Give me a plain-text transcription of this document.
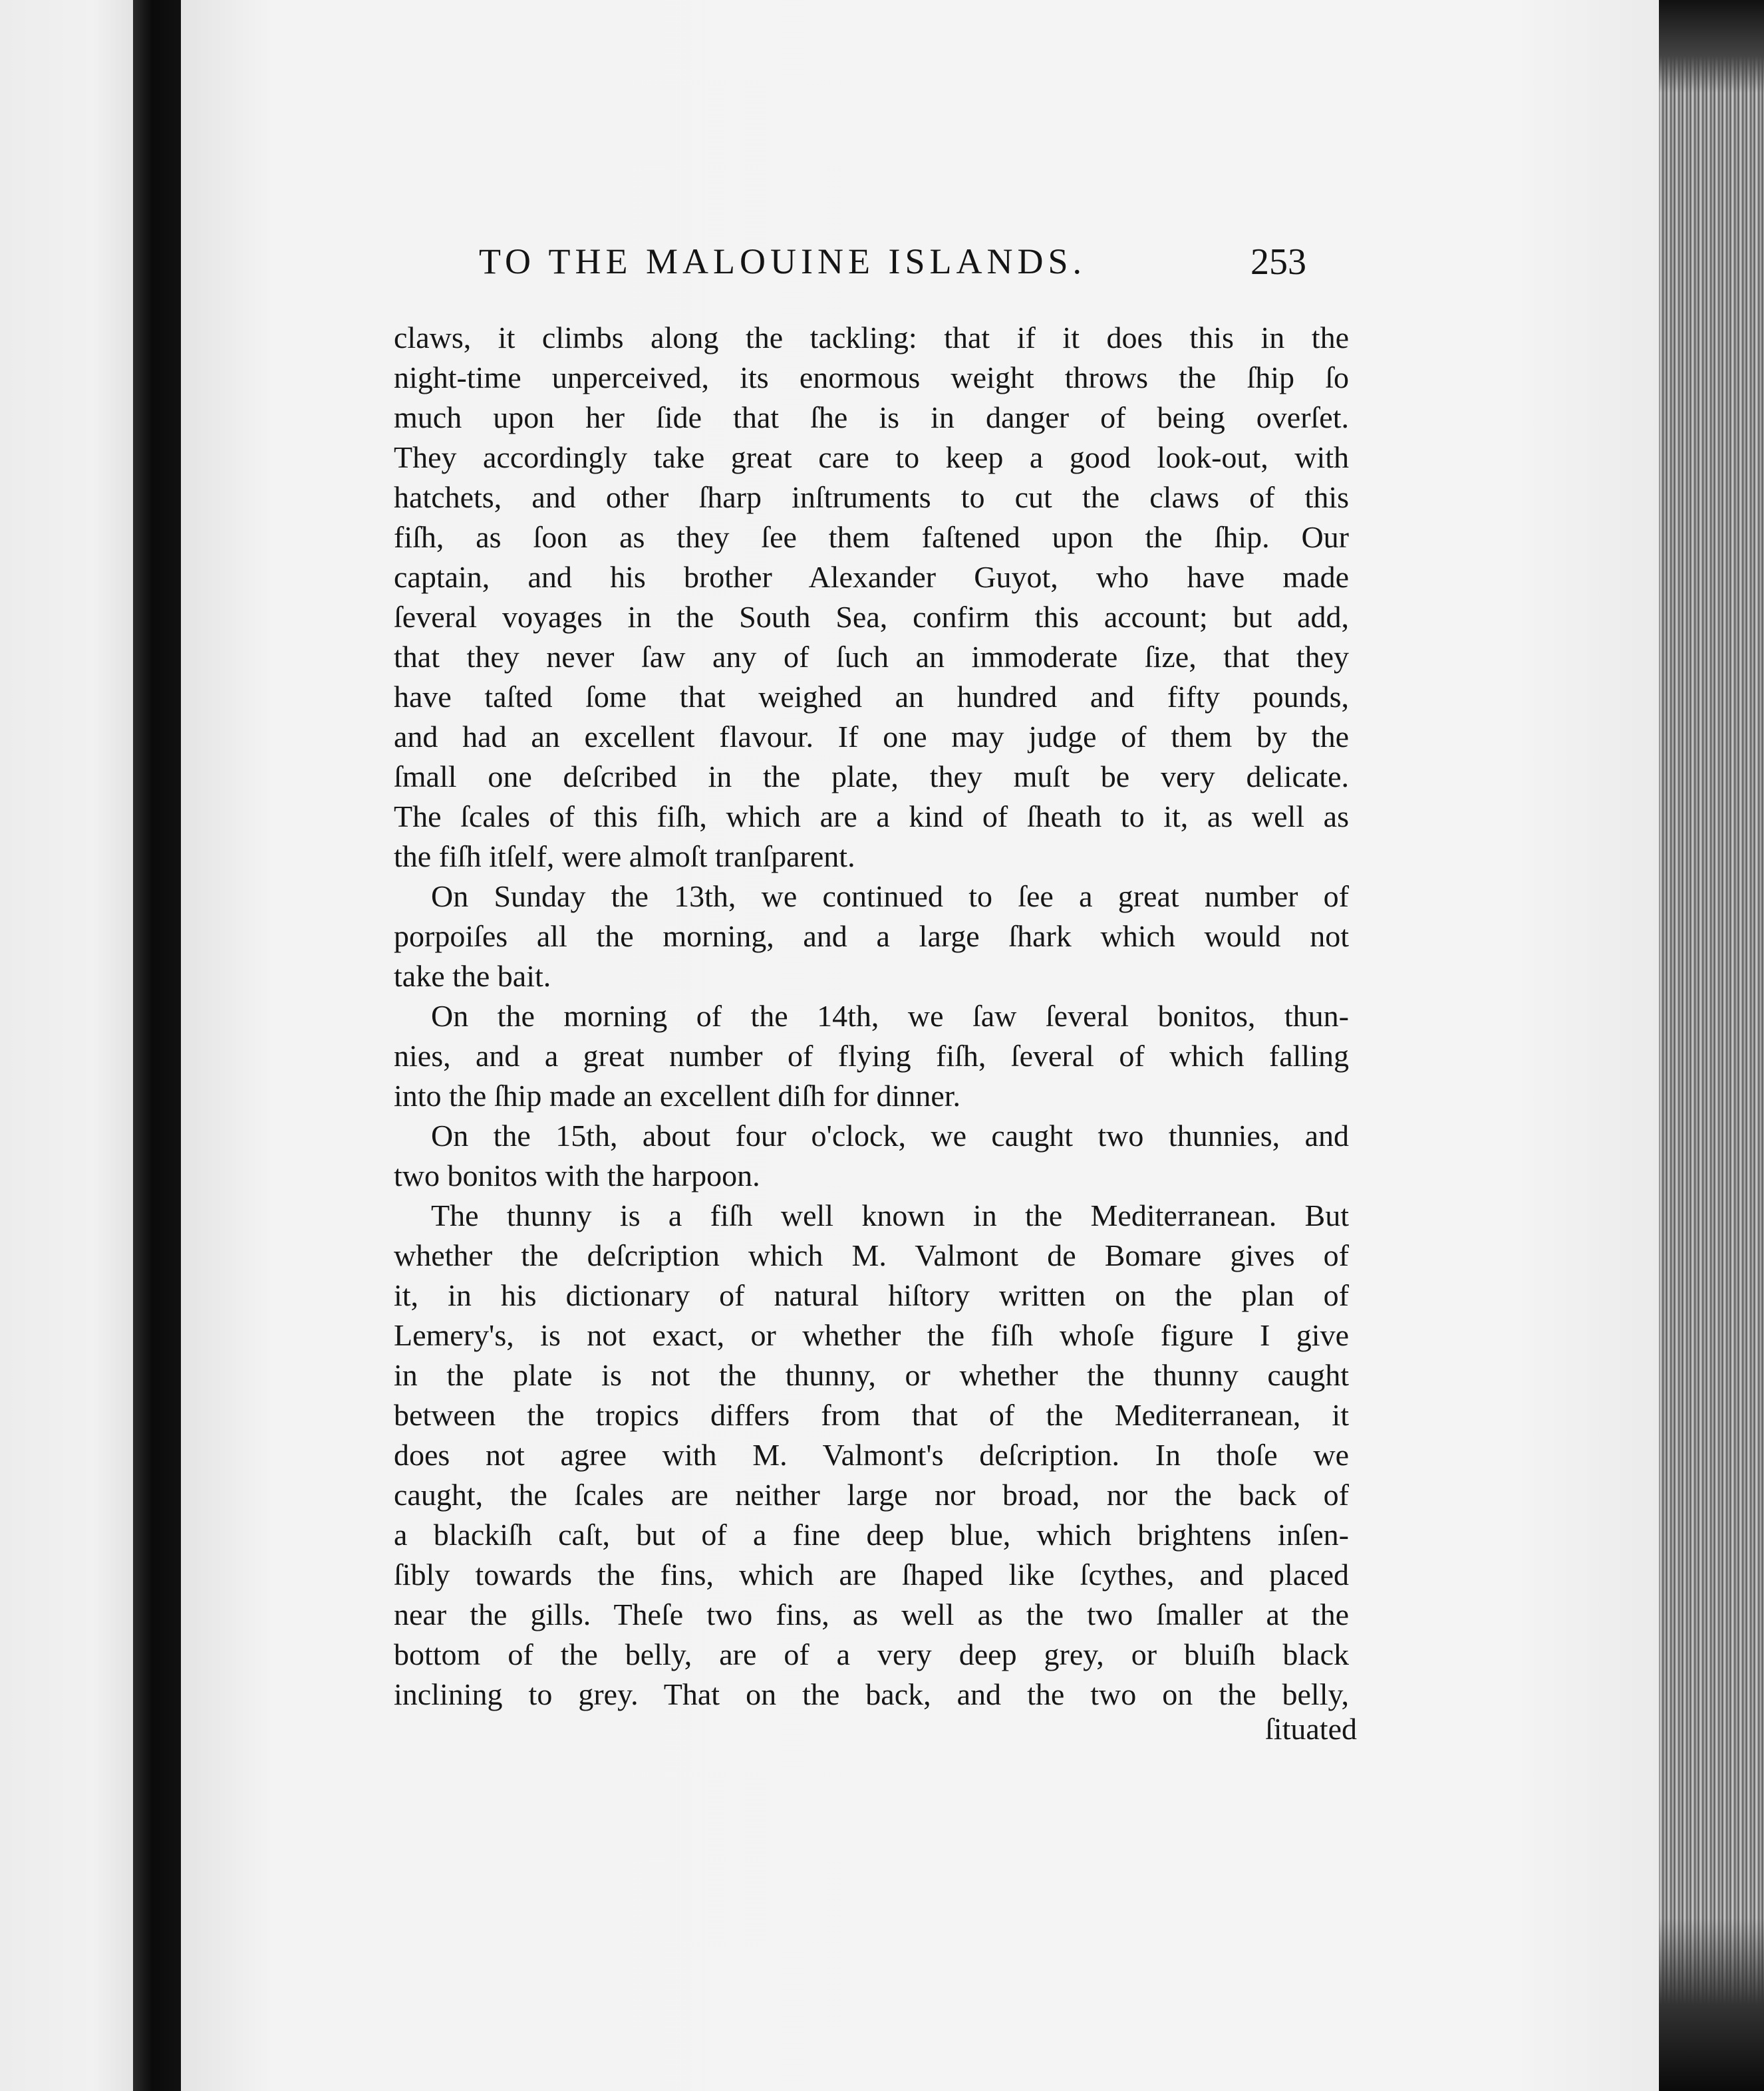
TO THE MALOUINE ISLANDS.	253
claws, it climbs along the tackling: that if it does this in the
night-time unperceived, its enormous weight throws the ſhip ſo
much upon her ſide that ſhe is in danger of being overſet.
They accordingly take great care to keep a good look-out, with
hatchets, and other ſharp inſtruments to cut the claws of this
fiſh, as ſoon as they ſee them faſtened upon the ſhip. Our
captain, and his brother Alexander Guyot, who have made
ſeveral voyages in the South Sea, confirm this account; but add,
that they never ſaw any of ſuch an immoderate ſize, that they
have taſted ſome that weighed an hundred and fifty pounds,
and had an excellent flavour. If one may judge of them by the
ſmall one deſcribed in the plate, they muſt be very delicate.
The ſcales of this fiſh, which are a kind of ſheath to it, as well as
the fiſh itſelf, were almoſt tranſparent.
On Sunday the 13th, we continued to ſee a great number of
porpoiſes all the morning, and a large ſhark which would not
take the bait.
On the morning of the 14th, we ſaw ſeveral bonitos, thun-
nies, and a great number of flying fiſh, ſeveral of which falling
into the ſhip made an excellent diſh for dinner.
On the 15th, about four o'clock, we caught two thunnies, and
two bonitos with the harpoon.
The thunny is a fiſh well known in the Mediterranean. But
whether the deſcription which M. Valmont de Bomare gives of
it, in his dictionary of natural hiſtory written on the plan of
Lemery's, is not exact, or whether the fiſh whoſe figure I give
in the plate is not the thunny, or whether the thunny caught
between the tropics differs from that of the Mediterranean, it
does not agree with M. Valmont's deſcription. In thoſe we
caught, the ſcales are neither large nor broad, nor the back of
a blackiſh caſt, but of a fine deep blue, which brightens inſen-
ſibly towards the fins, which are ſhaped like ſcythes, and placed
near the gills. Theſe two fins, as well as the two ſmaller at the
bottom of the belly, are of a very deep grey, or bluiſh black
inclining to grey. That on the back, and the two on the belly,
ſituated
